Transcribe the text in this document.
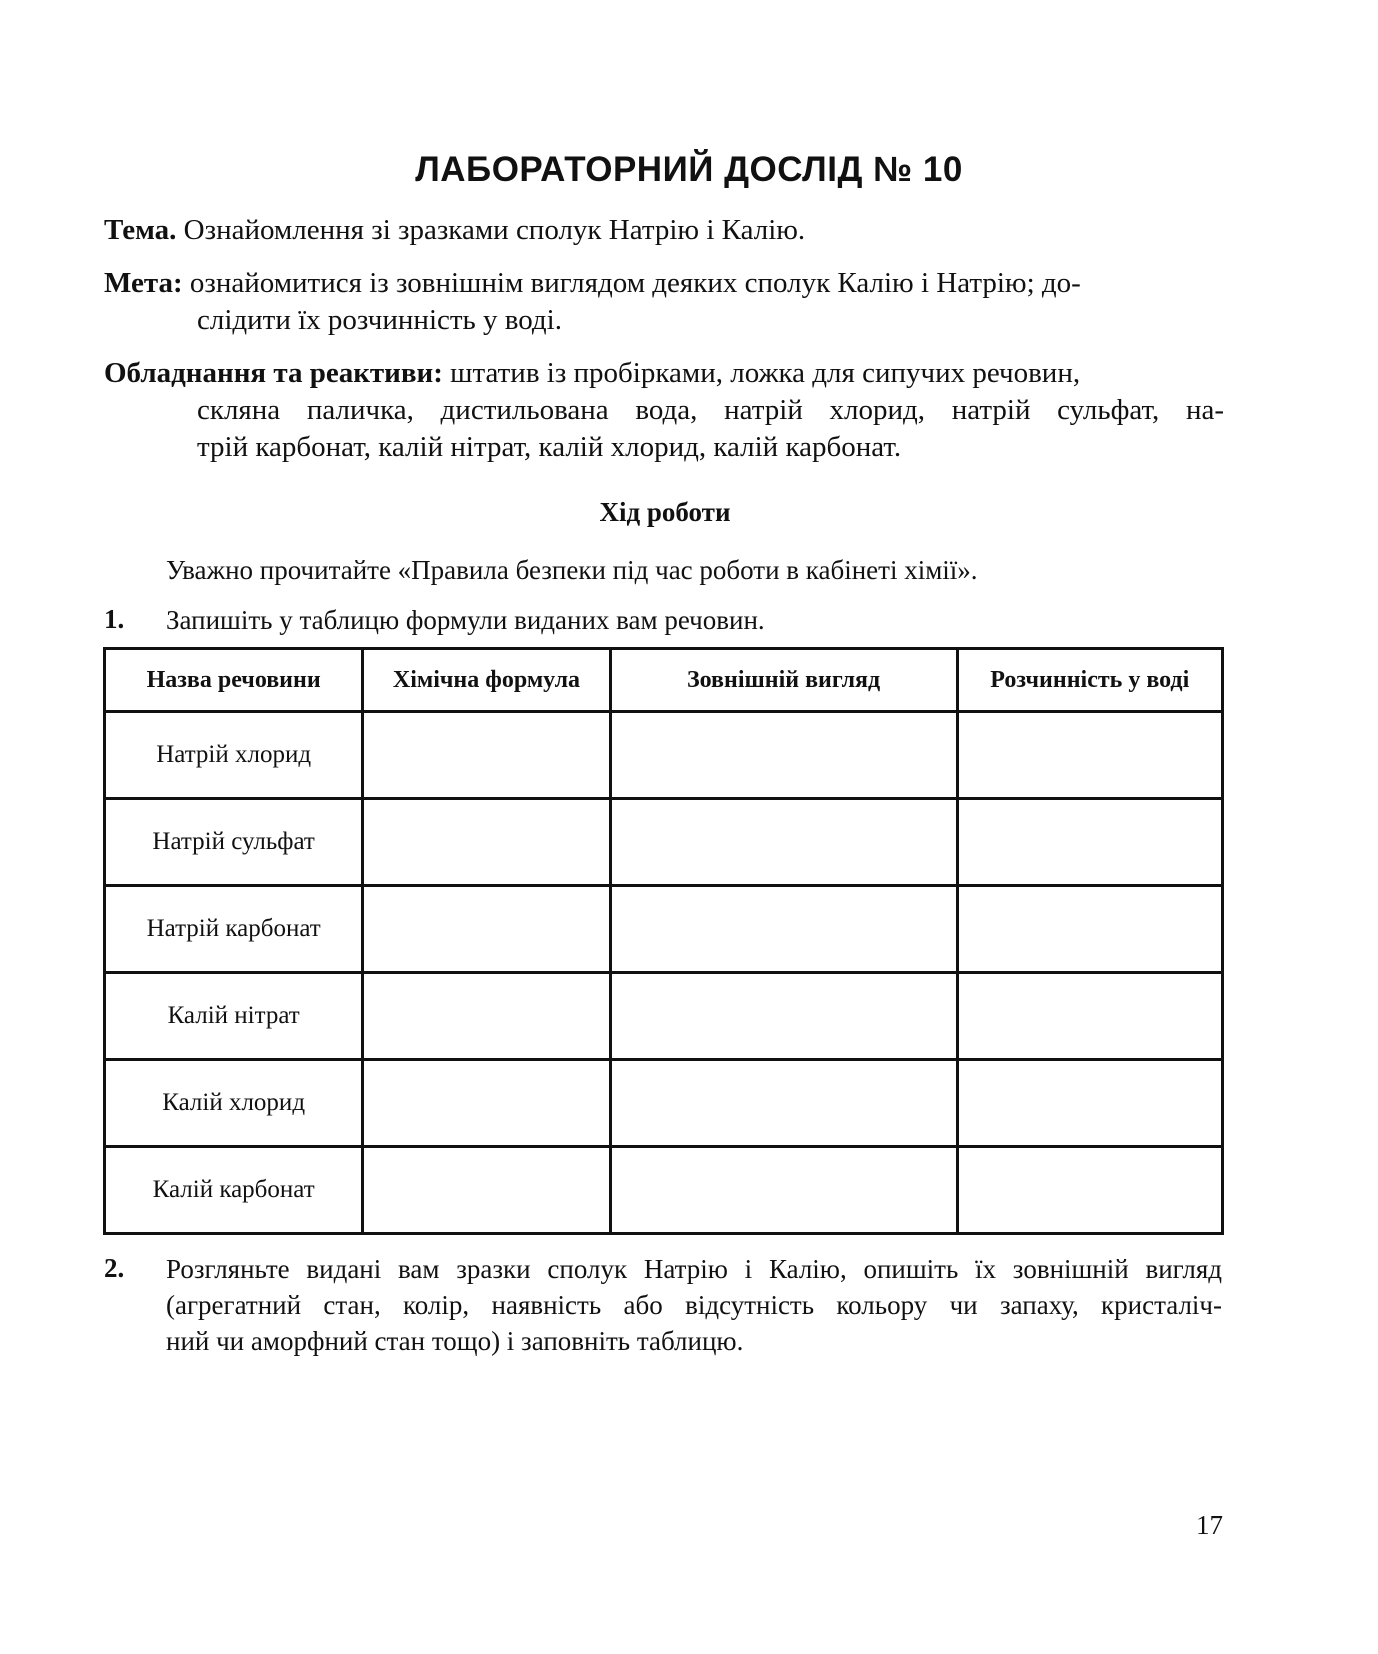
ЛАБОРАТОРНИЙ ДОСЛІД № 10
Тема. Ознайомлення зі зразками сполук Натрію і Калію.
Мета: ознайомитися із зовнішнім виглядом деяких сполук Калію і Натрію; до-
слідити їх розчинність у воді.
Обладнання та реактиви: штатив із пробірками, ложка для сипучих речовин,
скляна паличка, дистильована вода, натрій хлорид, натрій сульфат, на-
трій карбонат, калій нітрат, калій хлорид, калій карбонат.
Хід роботи
Уважно прочитайте «Правила безпеки під час роботи в кабінеті хімії».
1. Запишіть у таблицю формули виданих вам речовин.
Назва речовини	Хімічна формула	Зовнішній вигляд	Розчинність у воді
Натрій хлорид			
Натрій сульфат			
Натрій карбонат			
Калій нітрат			
Калій хлорид			
Калій карбонат			
2. Розгляньте видані вам зразки сполук Натрію і Калію, опишіть їх зовнішній вигляд
(агрегатний стан, колір, наявність або відсутність кольору чи запаху, кристаліч-
ний чи аморфний стан тощо) і заповніть таблицю.
17
